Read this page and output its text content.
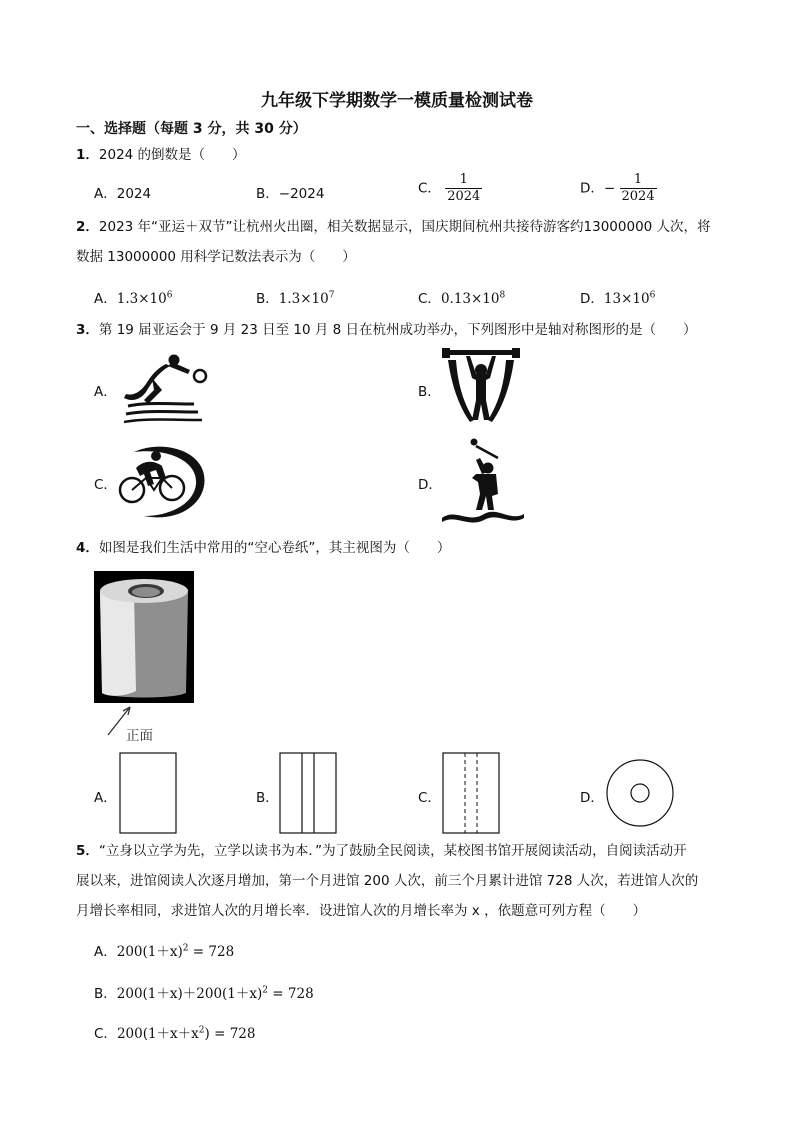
九年级下学期数学一模质量检测试卷
一、选择题（每题 3 分，共 30 分）
1．2024 的倒数是（　　）
A．2024	B．−2024	C． $\frac{1}{2024}$	D．− $\frac{1}{2024}$
2．2023 年“亚运＋双节”让杭州火出圈，相关数据显示，国庆期间杭州共接待游客约13000000 人次，将
数据 13000000 用科学记数法表示为（　　）
A．$1.3\times 10^6$	B．$1.3\times 10^7$	C．$0.13\times 10^8$	D．$13\times 10^6$
3．第 19 届亚运会于 9 月 23 日至 10 月 8 日在杭州成功举办，下列图形中是轴对称图形的是（　　）
A．	B．
C．	D．
4．如图是我们生活中常用的“空心卷纸”，其主视图为（　　）
正面
A．	B．	C．	D．
5．“立身以立学为先，立学以读书为本．”为了鼓励全民阅读，某校图书馆开展阅读活动，自阅读活动开
展以来，进馆阅读人次逐月增加，第一个月进馆 200 人次，前三个月累计进馆 728 人次，若进馆人次的
月增长率相同，求进馆人次的月增长率．设进馆人次的月增长率为 x ，依题意可列方程（　　）
A．$200(1+x)^2 = 728$
B．$200(1+x)+200(1+x)^2 = 728$
C．$200(1+x+x^2) = 728$
